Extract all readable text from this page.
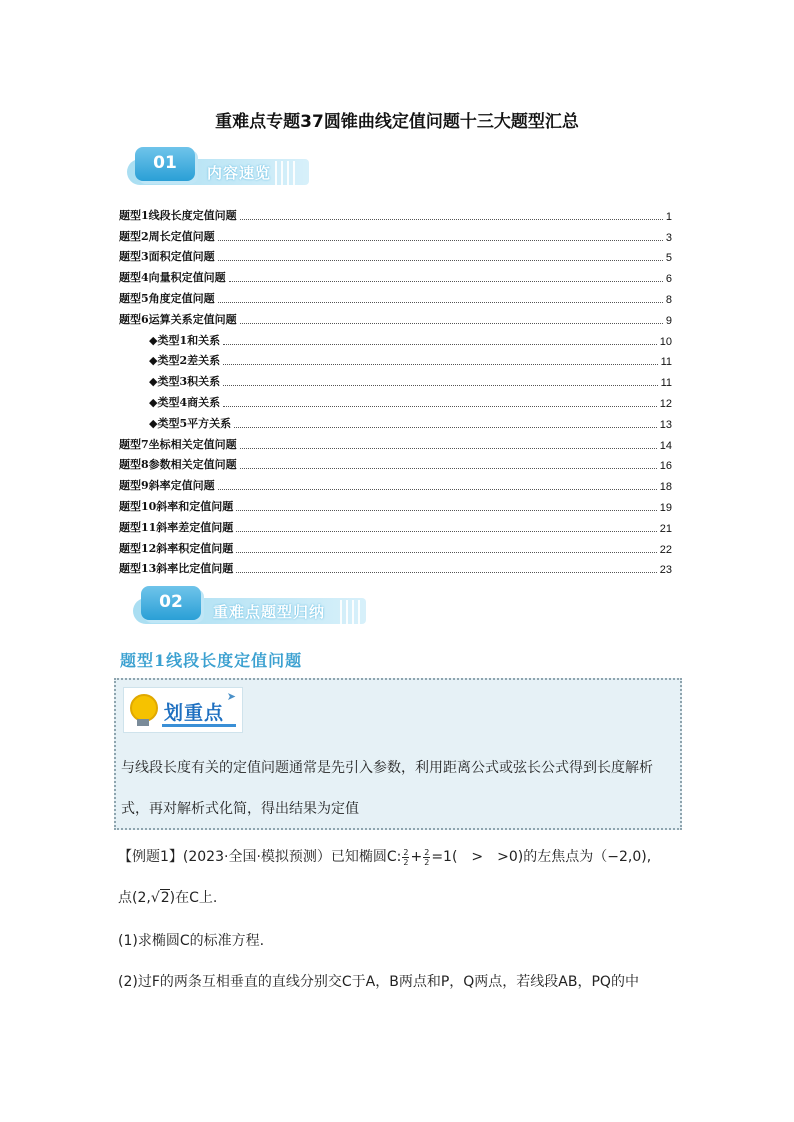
重难点专题37圆锥曲线定值问题十三大题型汇总
01	内容速览
题型1线段长度定值问题	1
题型2周长定值问题	3
题型3面积定值问题	5
题型4向量积定值问题	6
题型5角度定值问题	8
题型6运算关系定值问题	9
◆类型1和关系	10
◆类型2差关系	11
◆类型3积关系	11
◆类型4商关系	12
◆类型5平方关系	13
题型7坐标相关定值问题	14
题型8参数相关定值问题	16
题型9斜率定值问题	18
题型10斜率和定值问题	19
题型11斜率差定值问题	21
题型12斜率积定值问题	22
题型13斜率比定值问题	23
02	重难点题型归纳
题型1线段长度定值问题
划重点
➤
与线段长度有关的定值问题通常是先引入参数，利用距离公式或弦长公式得到长度解析式，再对解析式化简，得出结果为定值
【例题1】(2023·全国·模拟预测）已知椭圆C: $\frac{2}{2} + \frac{2}{2} =1$(　>　>0)的左焦点为（−2,0),
点(2,√2)在C上.
(1)求椭圆C的标准方程.
(2)过F的两条互相垂直的直线分别交C于A，B两点和P，Q两点，若线段AB，PQ的中
